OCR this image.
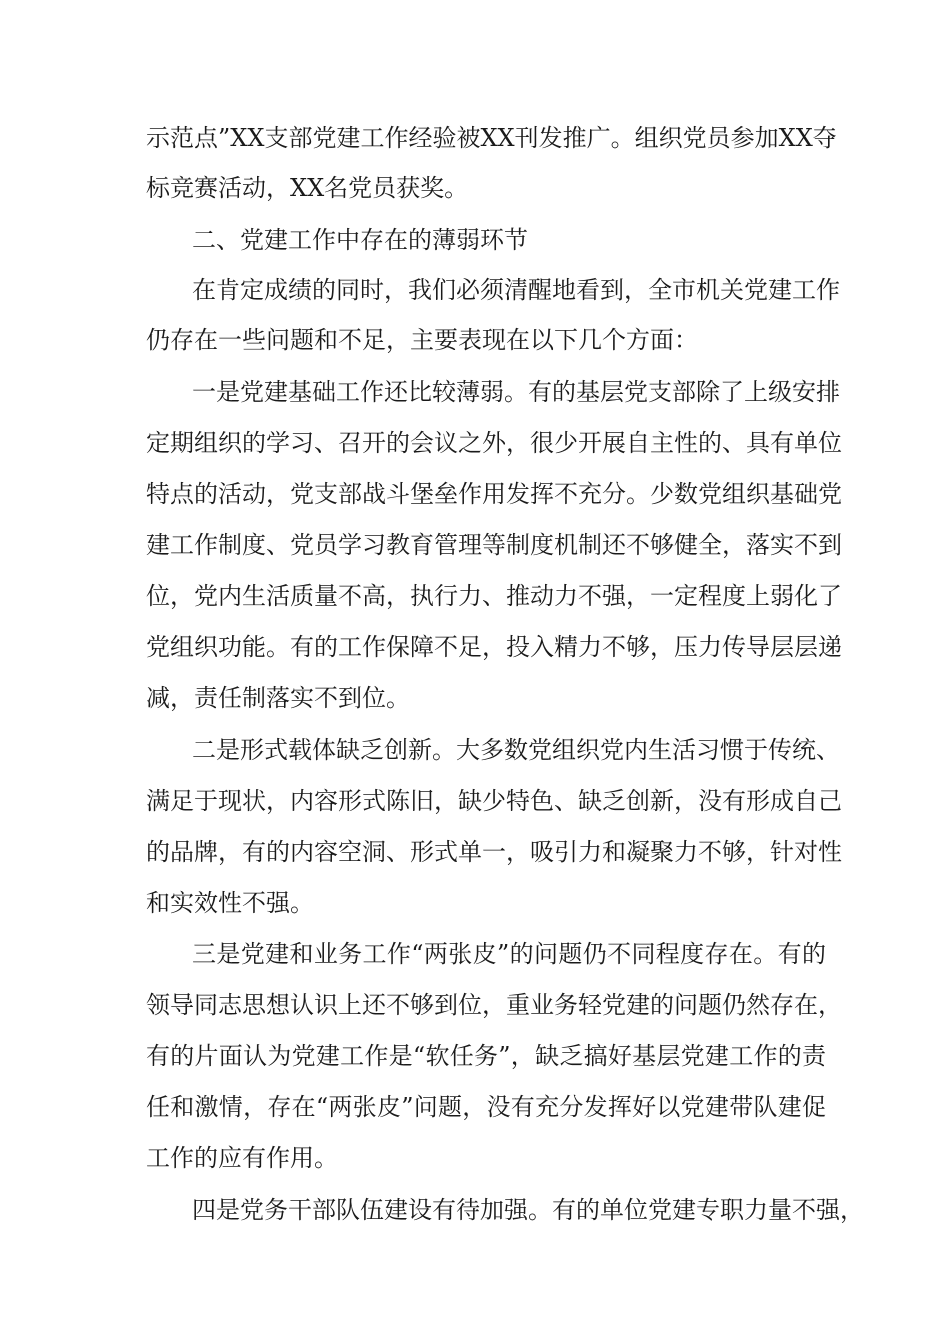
示范点”XX支部党建工作经验被XX刊发推广。组织党员参加XX夺
标竞赛活动，XX名党员获奖。
二、党建工作中存在的薄弱环节
在肯定成绩的同时，我们必须清醒地看到，全市机关党建工作
仍存在一些问题和不足，主要表现在以下几个方面：
一是党建基础工作还比较薄弱。有的基层党支部除了上级安排
定期组织的学习、召开的会议之外，很少开展自主性的、具有单位
特点的活动，党支部战斗堡垒作用发挥不充分。少数党组织基础党
建工作制度、党员学习教育管理等制度机制还不够健全，落实不到
位，党内生活质量不高，执行力、推动力不强，一定程度上弱化了
党组织功能。有的工作保障不足，投入精力不够，压力传导层层递
减，责任制落实不到位。
二是形式载体缺乏创新。大多数党组织党内生活习惯于传统、
满足于现状，内容形式陈旧，缺少特色、缺乏创新，没有形成自己
的品牌，有的内容空洞、形式单一，吸引力和凝聚力不够，针对性
和实效性不强。
三是党建和业务工作“两张皮”的问题仍不同程度存在。有的
领导同志思想认识上还不够到位，重业务轻党建的问题仍然存在，
有的片面认为党建工作是“软任务”，缺乏搞好基层党建工作的责
任和激情，存在“两张皮”问题，没有充分发挥好以党建带队建促
工作的应有作用。
四是党务干部队伍建设有待加强。有的单位党建专职力量不强，
